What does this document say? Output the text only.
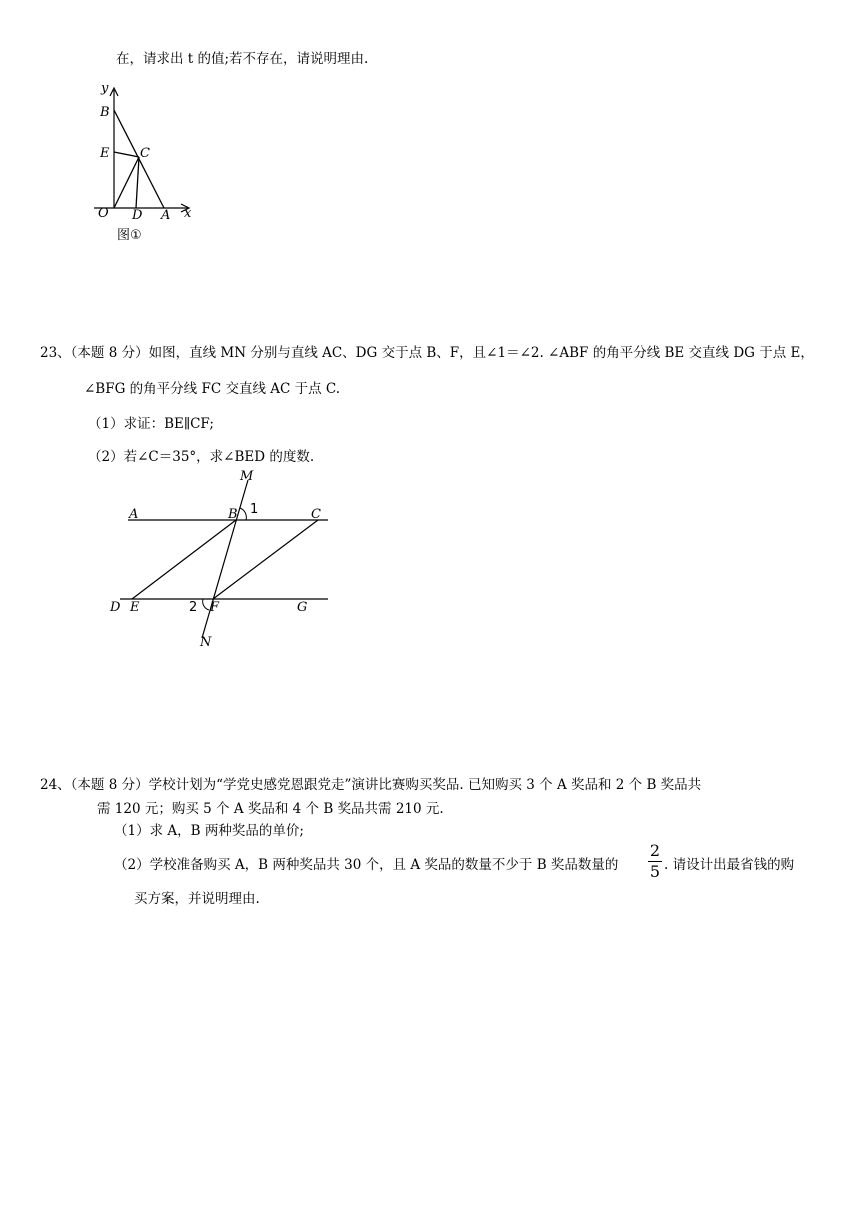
在，请求出 t 的值;若不存在，请说明理由.
y
B
E C
O D A x
图①
23、（本题 8 分）如图，直线 MN 分别与直线 AC、DG 交于点 B、F，且∠1＝∠2. ∠ABF 的角平分线 BE 交直线 DG 于点 E，
∠BFG 的角平分线 FC 交直线 AC 于点 C.
（1）求证：BE∥CF;
（2）若∠C＝35°，求∠BED 的度数.
M
A	B 1	C
D E	2 F	G
N
24、（本题 8 分）学校计划为“学党史感党恩跟党走”演讲比赛购买奖品. 已知购买 3 个 A 奖品和 2 个 B 奖品共
需 120 元；购买 5 个 A 奖品和 4 个 B 奖品共需 210 元.
（1）求 A，B 两种奖品的单价;
（2）学校准备购买 A，B 两种奖品共 30 个，且 A 奖品的数量不少于 B 奖品数量的
2
5 . 请设计出最省钱的购
买方案，并说明理由.
